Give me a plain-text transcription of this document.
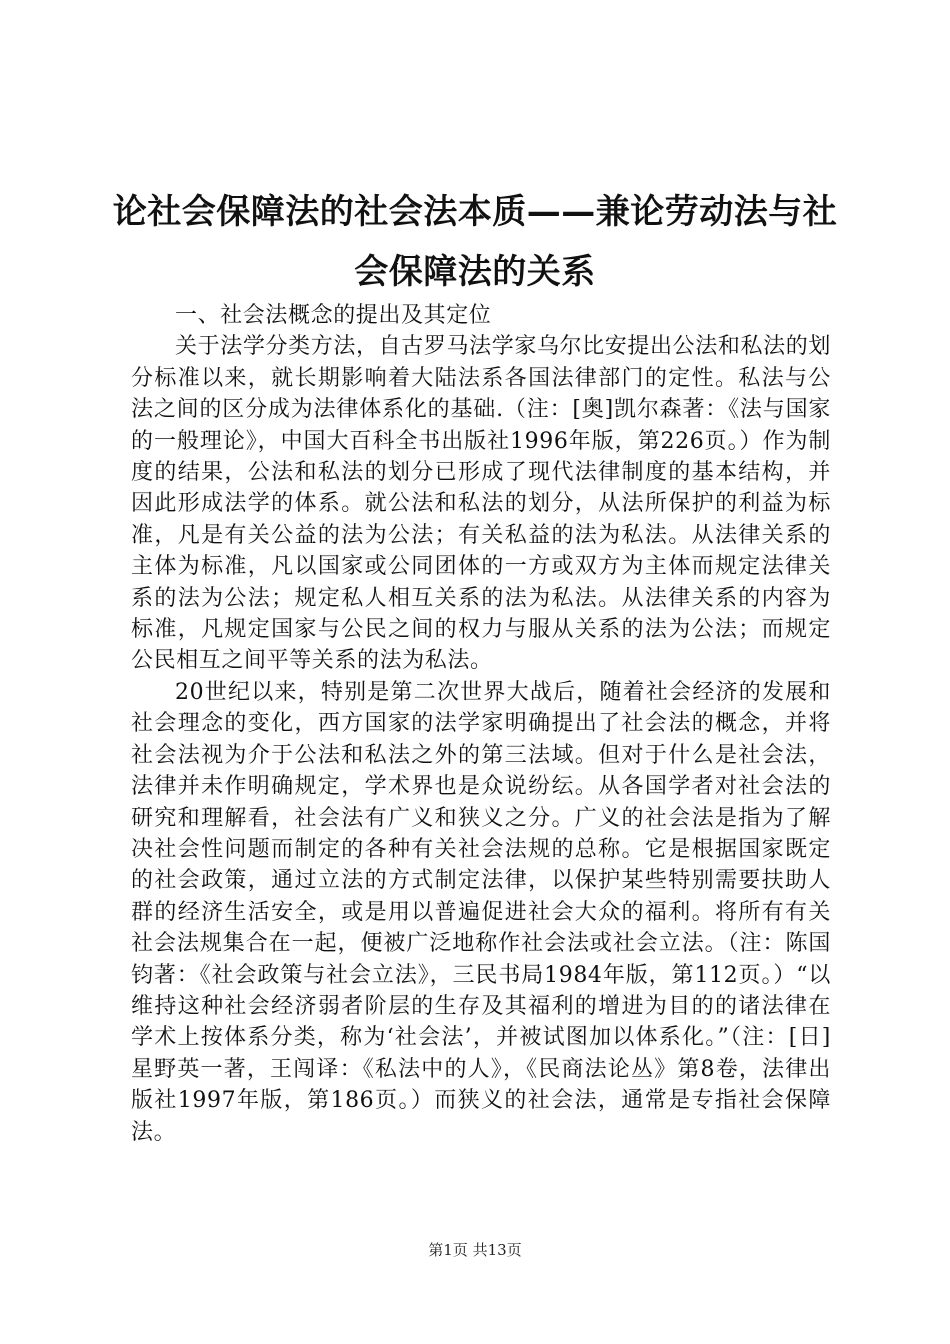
论社会保障法的社会法本质——兼论劳动法与社会保障法的关系

一、社会法概念的提出及其定位

关于法学分类方法，自古罗马法学家乌尔比安提出公法和私法的划分标准以来，就长期影响着大陆法系各国法律部门的定性。私法与公法之间的区分成为法律体系化的基础.（注：[奥]凯尔森著：《法与国家的一般理论》，中国大百科全书出版社1996年版，第226页。）作为制度的结果，公法和私法的划分已形成了现代法律制度的基本结构，并因此形成法学的体系。就公法和私法的划分，从法所保护的利益为标准，凡是有关公益的法为公法；有关私益的法为私法。从法律关系的主体为标准，凡以国家或公同团体的一方或双方为主体而规定法律关系的法为公法；规定私人相互关系的法为私法。从法律关系的内容为标准，凡规定国家与公民之间的权力与服从关系的法为公法；而规定公民相互之间平等关系的法为私法。

20世纪以来，特别是第二次世界大战后，随着社会经济的发展和社会理念的变化，西方国家的法学家明确提出了社会法的概念，并将社会法视为介于公法和私法之外的第三法域。但对于什么是社会法，法律并未作明确规定，学术界也是众说纷纭。从各国学者对社会法的研究和理解看，社会法有广义和狭义之分。广义的社会法是指为了解决社会性问题而制定的各种有关社会法规的总称。它是根据国家既定的社会政策，通过立法的方式制定法律，以保护某些特别需要扶助人群的经济生活安全，或是用以普遍促进社会大众的福利。将所有有关社会法规集合在一起，便被广泛地称作社会法或社会立法。（注：陈国钧著：《社会政策与社会立法》，三民书局1984年版，第112页。）“以维持这种社会经济弱者阶层的生存及其福利的增进为目的的诸法律在学术上按体系分类，称为‘社会法’，并被试图加以体系化。”（注：[日]星野英一著，王闯译：《私法中的人》，《民商法论丛》第8卷，法律出版社1997年版，第186页。）而狭义的社会法，通常是专指社会保障法。

第1页 共13页
